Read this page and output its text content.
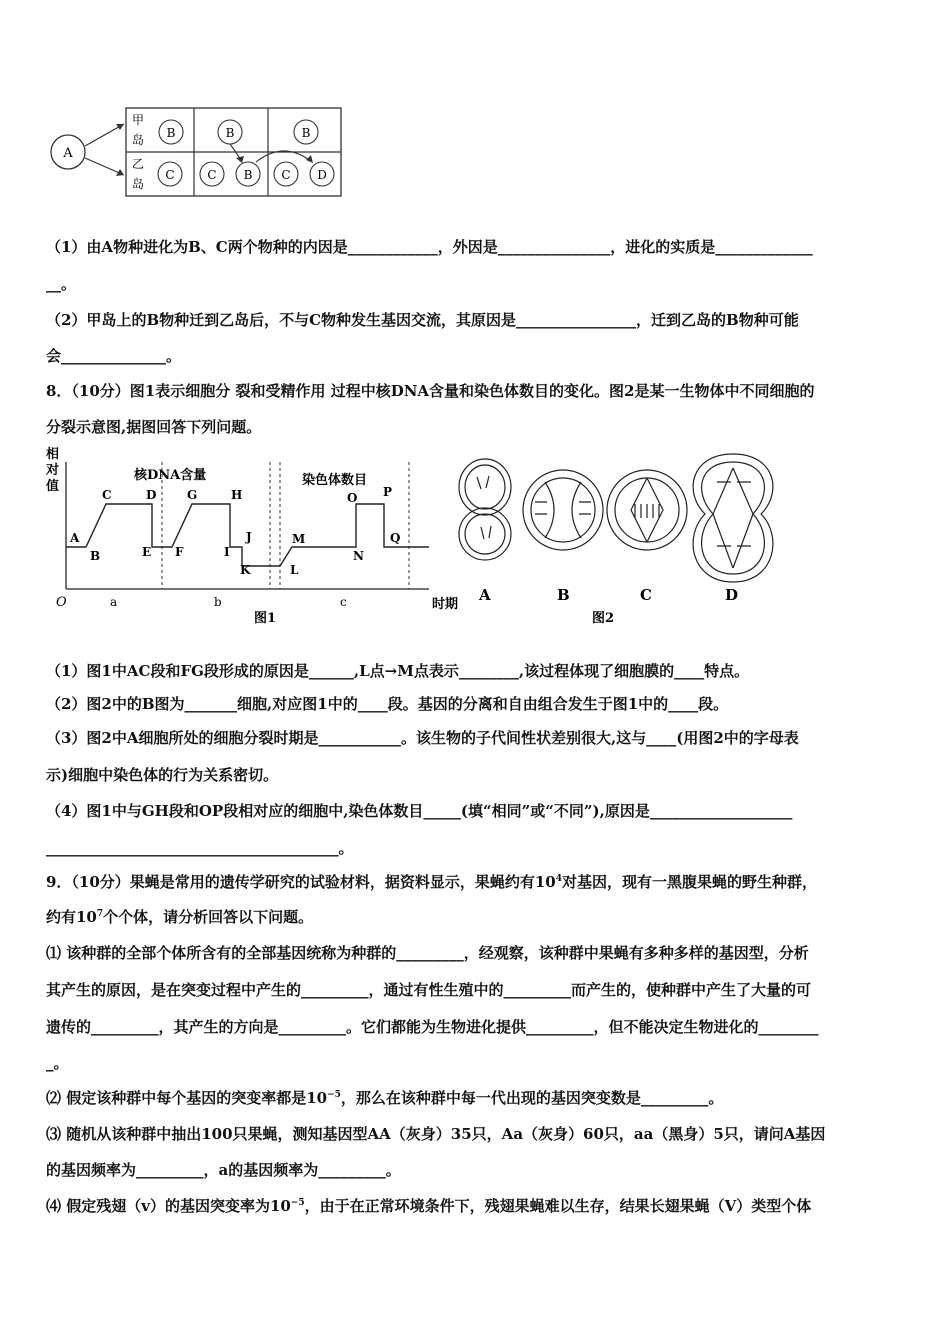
A
甲
岛
乙
岛
B	B	B
C	C B C D
（1）由A物种进化为B、C两个物种的内因是____________，外因是_______________，进化的实质是_____________
__。
（2）甲岛上的B物种迁到乙岛后，不与C物种发生基因交流，其原因是________________，迁到乙岛的B物种可能
会______________。
8．（10分）图1表示细胞分 裂和受精作用 过程中核DNA含量和染色体数目的变化。图2是某一生物体中不同细胞的
分裂示意图,据图回答下列问题。
相
对
值
O	时期
核DNA含量	染色体数目
A
B
C	D
E F
G	H
I
J
K	L
M
N
O P
Q
a	b	c
图1
A	B	C	D
图2
（1）图1中AC段和FG段形成的原因是______,L点→M点表示________,该过程体现了细胞膜的____特点。
（2）图2中的B图为_______细胞,对应图1中的____段。基因的分离和自由组合发生于图1中的____段。
（3）图2中A细胞所处的细胞分裂时期是___________。该生物的子代间性状差别很大,这与____(用图2中的字母表
示)细胞中染色体的行为关系密切。
（4）图1中与GH段和OP段相对应的细胞中,染色体数目_____(填“相同”或“不同”),原因是___________________
_______________________________________。
9．（10分）果蝇是常用的遗传学研究的试验材料，据资料显示，果蝇约有$10^4$对基因，现有一黑腹果蝇的野生种群，
约有$10^7$个个体，请分析回答以下问题。
⑴ 该种群的全部个体所含有的全部基因统称为种群的_________，经观察，该种群中果蝇有多种多样的基因型，分析
其产生的原因，是在突变过程中产生的_________，通过有性生殖中的_________而产生的，使种群中产生了大量的可
遗传的_________，其产生的方向是_________。它们都能为生物进化提供_________，但不能决定生物进化的________
_。
⑵ 假定该种群中每个基因的突变率都是$10^{-5}$，那么在该种群中每一代出现的基因突变数是_________。
⑶ 随机从该种群中抽出100只果蝇，测知基因型AA（灰身）35只，Aa（灰身）60只，aa（黑身）5只，请问A基因
的基因频率为_________，a的基因频率为_________。
⑷ 假定残翅（v）的基因突变率为$10^{-5}$，由于在正常环境条件下，残翅果蝇难以生存，结果长翅果蝇（V）类型个体
